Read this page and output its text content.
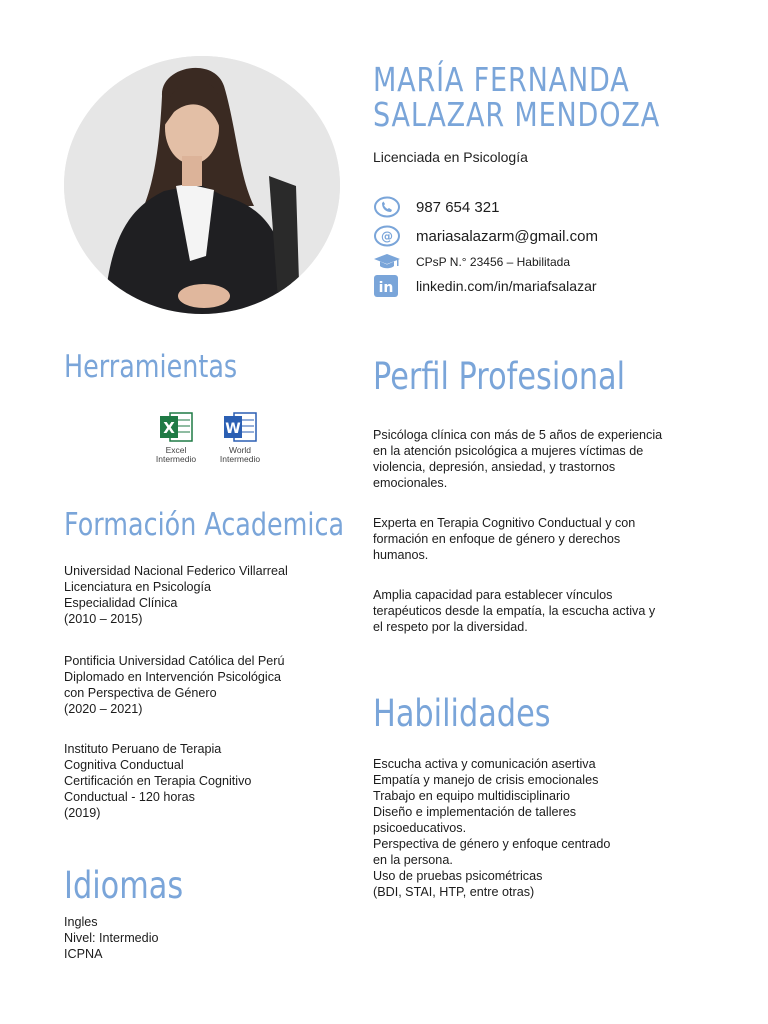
MARÍA FERNANDA
SALAZAR MENDOZA
Licenciada en Psicología
987 654 321
@ mariasalazarm@gmail.com
CPsP N.° 23456 – Habilitada
in linkedin.com/in/mariafsalazar
Herramientas
X
Excel
Intermedio
W
World
Intermedio
Formación Academica
Universidad Nacional Federico Villarreal
Licenciatura en Psicología
Especialidad Clínica
(2010 – 2015)
Pontificia Universidad Católica del Perú
Diplomado en Intervención Psicológica
con Perspectiva de Género
(2020 – 2021)
Instituto Peruano de Terapia
Cognitiva Conductual
Certificación en Terapia Cognitivo
Conductual - 120 horas
(2019)
Idiomas
Ingles
Nivel: Intermedio
ICPNA
Perfil Profesional
Psicóloga clínica con más de 5 años de experiencia
en la atención psicológica a mujeres víctimas de
violencia, depresión, ansiedad, y trastornos
emocionales.
Experta en Terapia Cognitivo Conductual y con
formación en enfoque de género y derechos
humanos.
Amplia capacidad para establecer vínculos
terapéuticos desde la empatía, la escucha activa y
el respeto por la diversidad.
Habilidades
Escucha activa y comunicación asertiva
Empatía y manejo de crisis emocionales
Trabajo en equipo multidisciplinario
Diseño e implementación de talleres
psicoeducativos.
Perspectiva de género y enfoque centrado
en la persona.
Uso de pruebas psicométricas
(BDI, STAI, HTP, entre otras)
